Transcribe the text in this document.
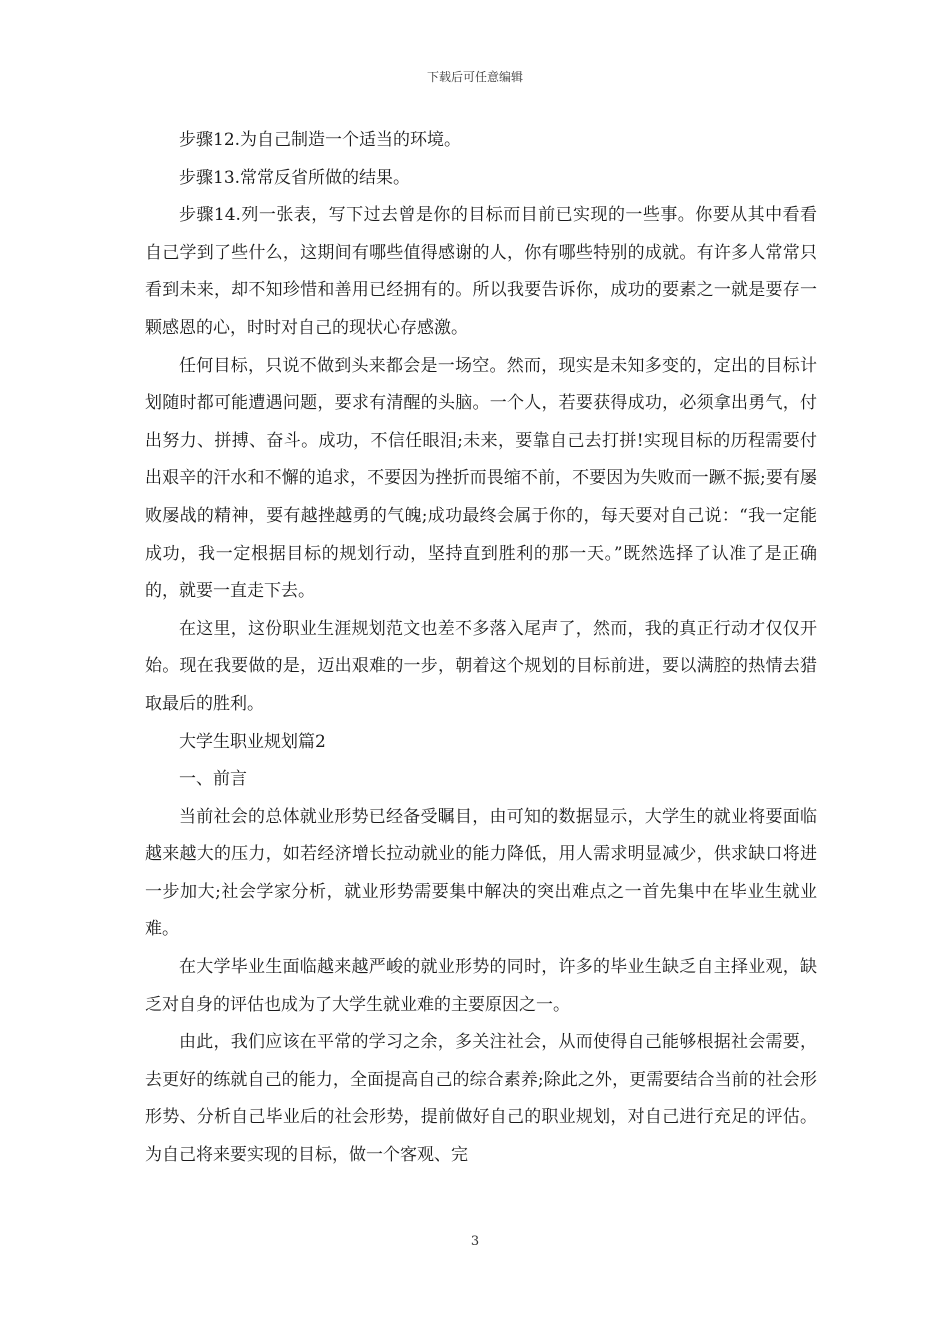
下载后可任意编辑

步骤12.为自己制造一个适当的环境。

步骤13.常常反省所做的结果。

步骤14.列一张表，写下过去曾是你的目标而目前已实现的一些事。你要从其中看看自己学到了些什么，这期间有哪些值得感谢的人，你有哪些特别的成就。有许多人常常只看到未来，却不知珍惜和善用已经拥有的。所以我要告诉你，成功的要素之一就是要存一颗感恩的心，时时对自己的现状心存感激。

任何目标，只说不做到头来都会是一场空。然而，现实是未知多变的，定出的目标计划随时都可能遭遇问题，要求有清醒的头脑。一个人，若要获得成功，必须拿出勇气，付出努力、拼搏、奋斗。成功，不信任眼泪;未来，要靠自己去打拼!实现目标的历程需要付出艰辛的汗水和不懈的追求，不要因为挫折而畏缩不前，不要因为失败而一蹶不振;要有屡败屡战的精神，要有越挫越勇的气魄;成功最终会属于你的，每天要对自己说：“我一定能成功，我一定根据目标的规划行动，坚持直到胜利的那一天。”既然选择了认准了是正确的，就要一直走下去。

在这里，这份职业生涯规划范文也差不多落入尾声了，然而，我的真正行动才仅仅开始。现在我要做的是，迈出艰难的一步，朝着这个规划的目标前进，要以满腔的热情去猎取最后的胜利。

大学生职业规划篇2

一、前言

当前社会的总体就业形势已经备受瞩目，由可知的数据显示，大学生的就业将要面临越来越大的压力，如若经济增长拉动就业的能力降低，用人需求明显减少，供求缺口将进一步加大;社会学家分析，就业形势需要集中解决的突出难点之一首先集中在毕业生就业难。

在大学毕业生面临越来越严峻的就业形势的同时，许多的毕业生缺乏自主择业观，缺乏对自身的评估也成为了大学生就业难的主要原因之一。

由此，我们应该在平常的学习之余，多关注社会，从而使得自己能够根据社会需要，去更好的练就自己的能力，全面提高自己的综合素养;除此之外，更需要结合当前的社会形形势、分析自己毕业后的社会形势，提前做好自己的职业规划，对自己进行充足的评估。为自己将来要实现的目标，做一个客观、完

3
